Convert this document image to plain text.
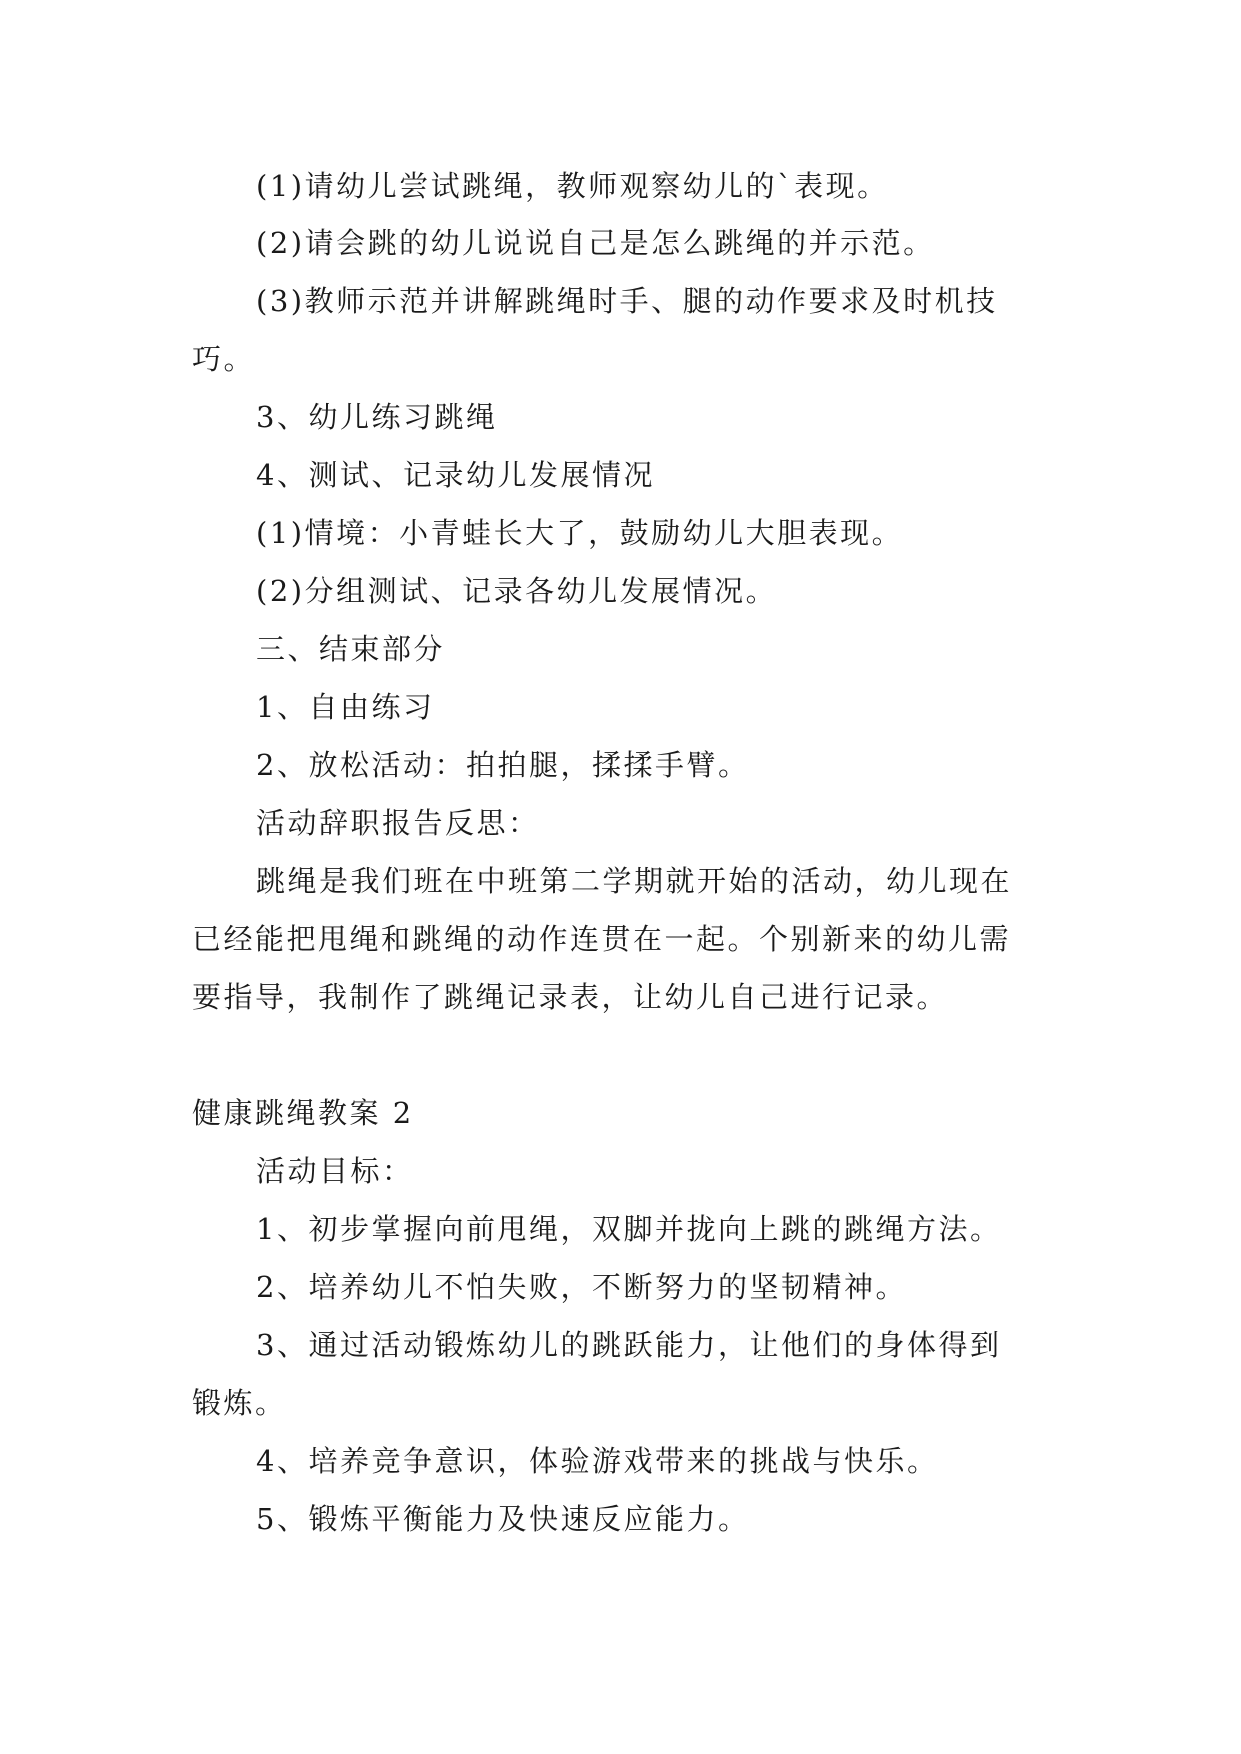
(1)请幼儿尝试跳绳，教师观察幼儿的`表现。
(2)请会跳的幼儿说说自己是怎么跳绳的并示范。
(3)教师示范并讲解跳绳时手、腿的动作要求及时机技
巧。
3、幼儿练习跳绳
4、测试、记录幼儿发展情况
(1)情境：小青蛙长大了，鼓励幼儿大胆表现。
(2)分组测试、记录各幼儿发展情况。
三、结束部分
1、自由练习
2、放松活动：拍拍腿，揉揉手臂。
活动辞职报告反思：
跳绳是我们班在中班第二学期就开始的活动，幼儿现在
已经能把甩绳和跳绳的动作连贯在一起。个别新来的幼儿需
要指导，我制作了跳绳记录表，让幼儿自己进行记录。
健康跳绳教案 2
活动目标：
1、初步掌握向前甩绳，双脚并拢向上跳的跳绳方法。
2、培养幼儿不怕失败，不断努力的坚韧精神。
3、通过活动锻炼幼儿的跳跃能力，让他们的身体得到
锻炼。
4、培养竞争意识，体验游戏带来的挑战与快乐。
5、锻炼平衡能力及快速反应能力。
